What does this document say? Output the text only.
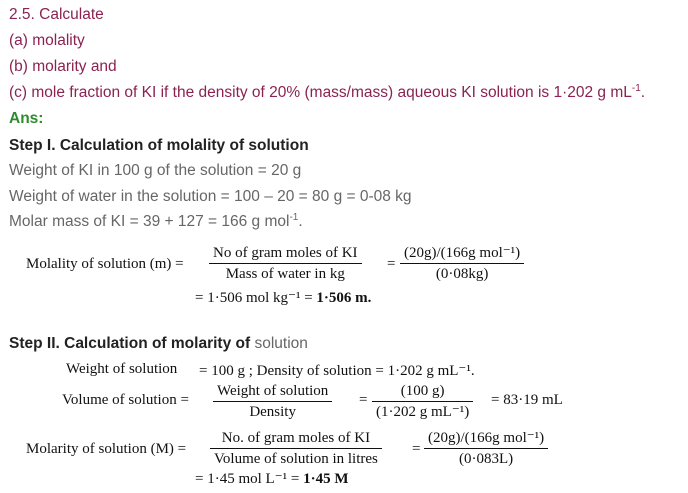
2.5. Calculate
(a) molality
(b) molarity and
(c) mole fraction of KI if the density of 20% (mass/mass) aqueous KI solution is 1·202 g $mL^{-1}$.
Ans:
Step I. Calculation of molality of solution
Weight of KI in 100 g of the solution = 20 g
Weight of water in the solution = 100 – 20 = 80 g = 0-08 kg
Molar mass of KI = 39 + 127 = 166 g mol$^{-1}$.
Molality of solution (m) =
No of gram moles of KI
Mass of water in kg
=
(20g)/(166g mol⁻¹)
(0·08kg)
= 1·506 mol kg⁻¹ = 1·506 m.
Step II. Calculation of molarity of solution
Weight of solution = 100 g ; Density of solution = 1·202 g mL⁻¹.
Volume of solution =
Weight of solution
Density
= $\frac{(100 g)}{\text{(1·202 g mL⁻¹)}} = 83\cdot 19$ mL
Molarity of solution (M) =
No. of gram moles of KI
Volume of solution in litres
=
(20g)/(166g mol⁻¹)
(0·083L)
= 1·45 mol L⁻¹ = 1·45 M
